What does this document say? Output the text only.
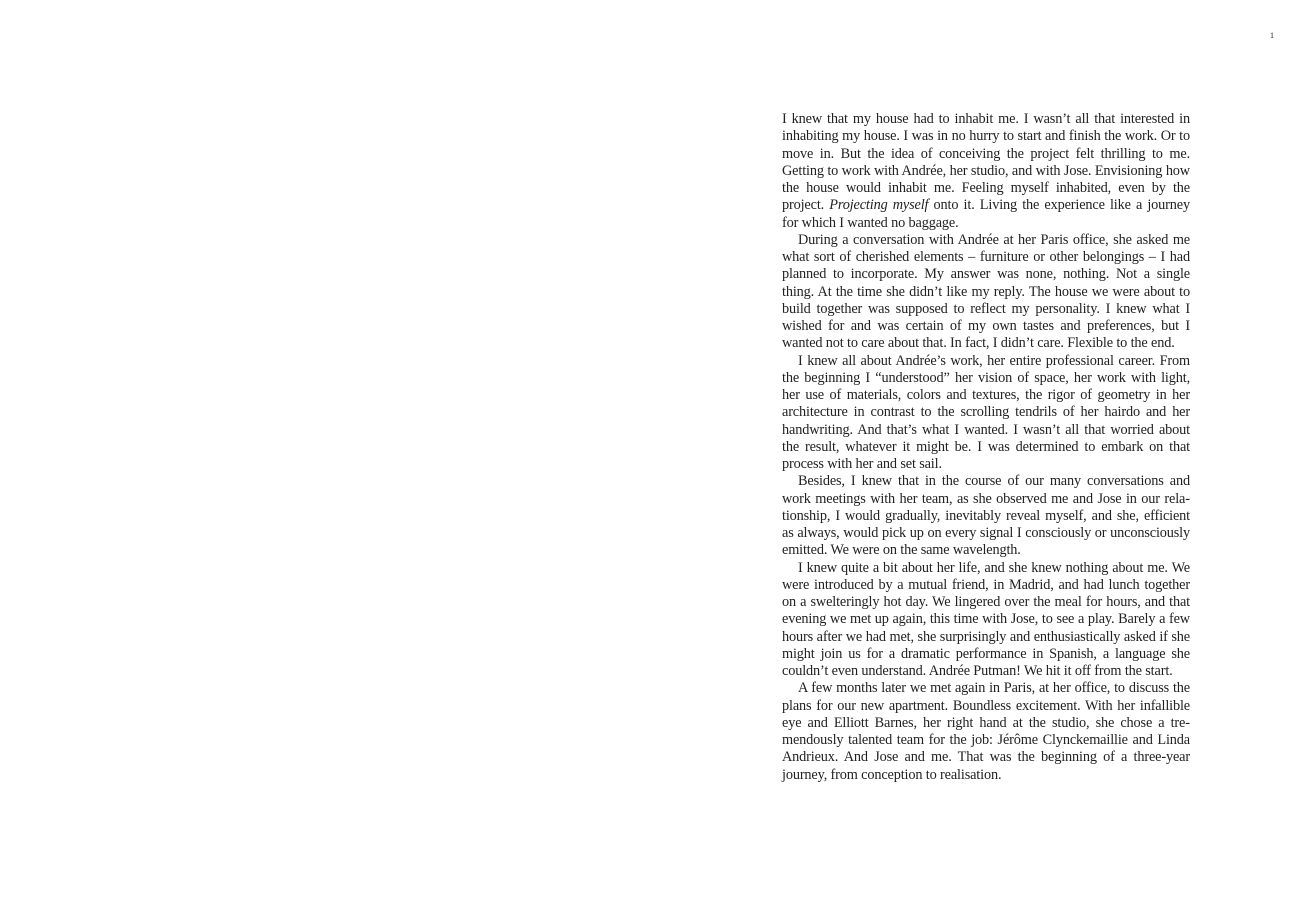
1

I knew that my house had to inhabit me. I wasn’t all that interested in inhabiting my house. I was in no hurry to start and finish the work. Or to move in. But the idea of conceiving the project felt thrilling to me. Getting to work with Andrée, her studio, and with Jose. Envisioning how the house would inhabit me. Feeling myself inhabited, even by the project. Projecting myself onto it. Living the experience like a journey for which I wanted no baggage.

During a conversation with Andrée at her Paris office, she asked me what sort of cherished elements – furniture or other belongings – I had planned to incorporate. My answer was none, nothing. Not a single thing. At the time she didn’t like my reply. The house we were about to build together was supposed to reflect my personality. I knew what I wished for and was certain of my own tastes and preferences, but I wanted not to care about that. In fact, I didn’t care. Flexible to the end.

I knew all about Andrée’s work, her entire professional career. From the beginning I “understood” her vision of space, her work with light, her use of materials, colors and textures, the rigor of geometry in her architecture in contrast to the scrolling tendrils of her hairdo and her handwriting. And that’s what I wanted. I wasn’t all that worried about the result, whatever it might be. I was determined to embark on that process with her and set sail.

Besides, I knew that in the course of our many conversations and work meetings with her team, as she observed me and Jose in our relationship, I would gradually, inevitably reveal myself, and she, efficient as always, would pick up on every signal I consciously or unconsciously emitted. We were on the same wavelength.

I knew quite a bit about her life, and she knew nothing about me. We were introduced by a mutual friend, in Madrid, and had lunch together on a swelteringly hot day. We lingered over the meal for hours, and that evening we met up again, this time with Jose, to see a play. Barely a few hours after we had met, she surprisingly and enthusiastically asked if she might join us for a dramatic performance in Spanish, a language she couldn’t even understand. Andrée Putman! We hit it off from the start.

A few months later we met again in Paris, at her office, to discuss the plans for our new apartment. Boundless excitement. With her infallible eye and Elliott Barnes, her right hand at the studio, she chose a tremendously talented team for the job: Jérôme Clynckemaillie and Linda Andrieux. And Jose and me. That was the beginning of a three-year journey, from conception to realisation.
